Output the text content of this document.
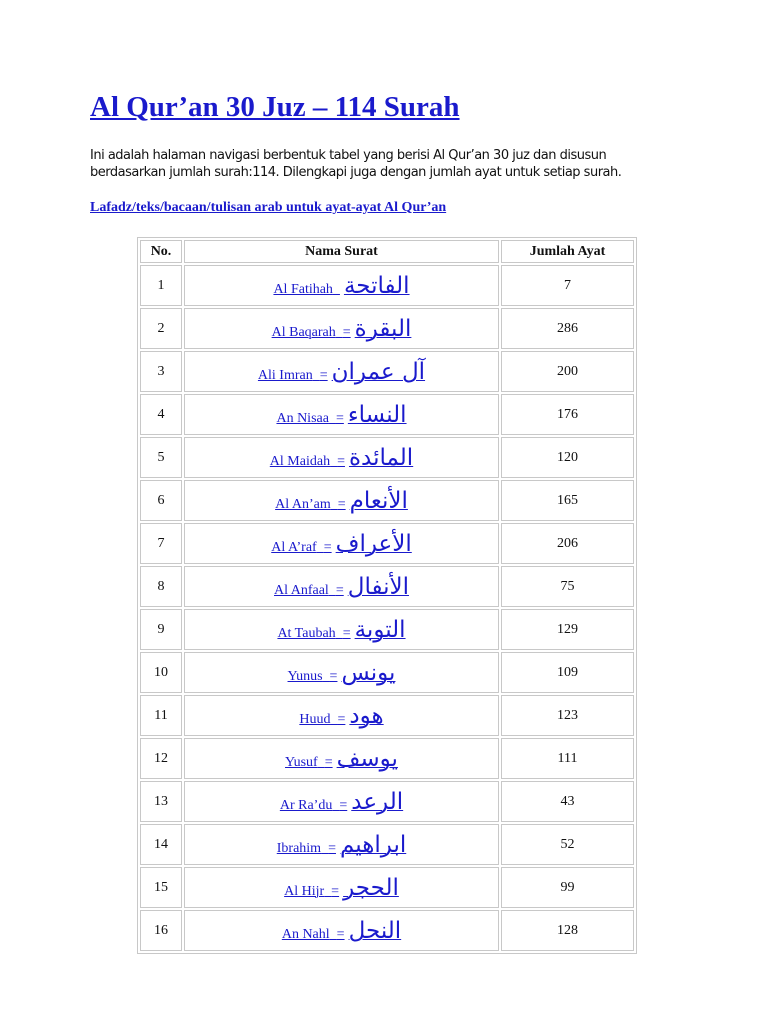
Al Qur’an 30 Juz – 114 Surah

Ini adalah halaman navigasi berbentuk tabel yang berisi Al Qur’an 30 juz dan disusun berdasarkan jumlah surah:114. Dilengkapi juga dengan jumlah ayat untuk setiap surah.

Lafadz/teks/bacaan/tulisan arab untuk ayat-ayat Al Qur’an
No.	Nama Surat	Jumlah Ayat
1	Al Fatihah الفاتحة	7
2	Al Baqarah = البقرة	286
3	Ali Imran = آل عمران	200
4	An Nisaa = النساء	176
5	Al Maidah = المائدة	120
6	Al An’am = الأنعام	165
7	Al A’raf = الأعراف	206
8	Al Anfaal = الأنفال	75
9	At Taubah = التوبة	129
10	Yunus = يونس	109
11	Huud = هود	123
12	Yusuf = يوسف	111
13	Ar Ra’du = الرعد	43
14	Ibrahim = ابراهيم	52
15	Al Hijr = الحجر	99
16	An Nahl = النحل	128
